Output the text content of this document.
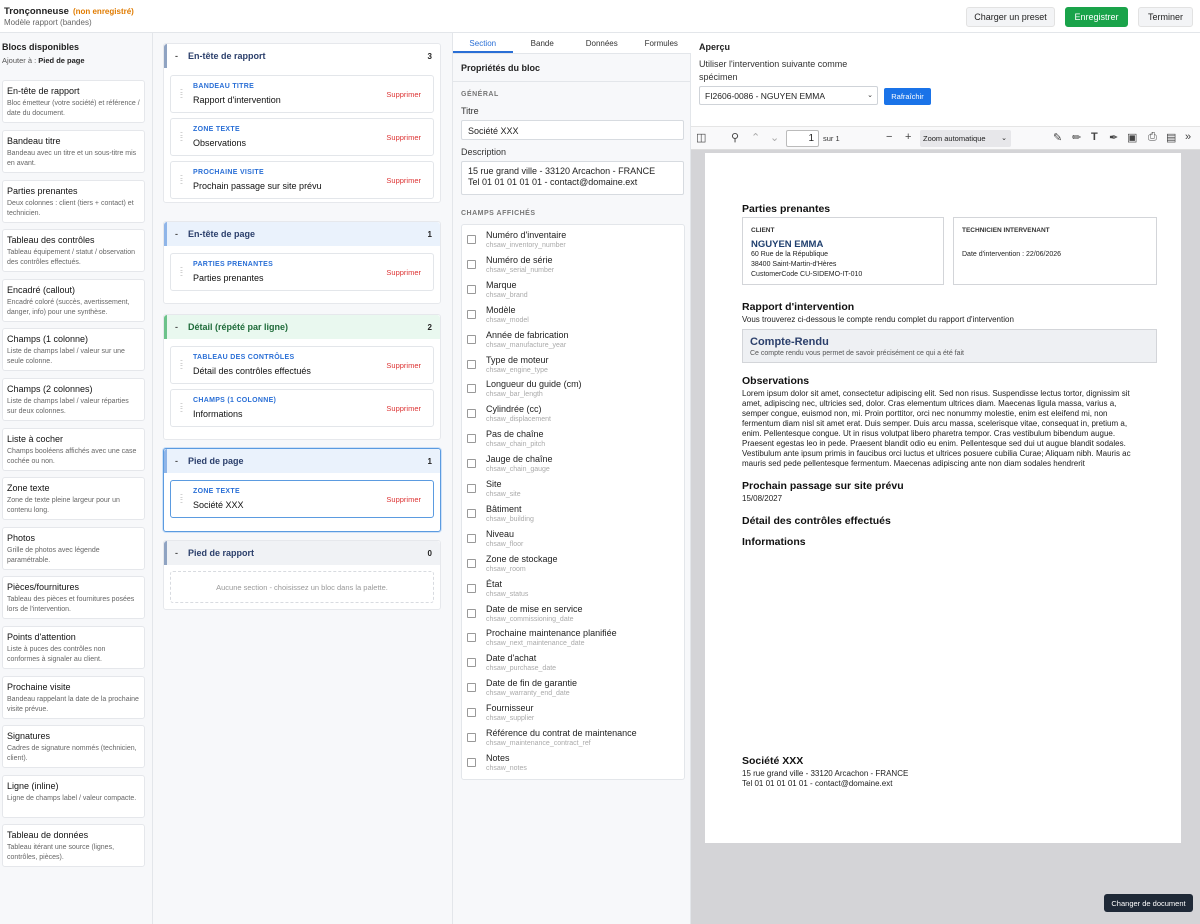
Tronçonneuse (non enregistré)
Modèle rapport (bandes)
Charger un preset	Enregistrer	Terminer
Blocs disponibles
Ajouter à : Pied de page
En-tête de rapport
Bloc émetteur (votre société) et référence / date du document.
Bandeau titre
Bandeau avec un titre et un sous-titre mis en avant.
Parties prenantes
Deux colonnes : client (tiers + contact) et technicien.
Tableau des contrôles
Tableau équipement / statut / observation des contrôles effectués.
Encadré (callout)
Encadré coloré (succès, avertissement, danger, info) pour une synthèse.
Champs (1 colonne)
Liste de champs label / valeur sur une seule colonne.
Champs (2 colonnes)
Liste de champs label / valeur réparties sur deux colonnes.
Liste à cocher
Champs booléens affichés avec une case cochée ou non.
Zone texte
Zone de texte pleine largeur pour un contenu long.
Photos
Grille de photos avec légende paramétrable.
Pièces/fournitures
Tableau des pièces et fournitures posées lors de l'intervention.
Points d'attention
Liste à puces des contrôles non conformes à signaler au client.
Prochaine visite
Bandeau rappelant la date de la prochaine visite prévue.
Signatures
Cadres de signature nommés (technicien, client).
Ligne (inline)
Ligne de champs label / valeur compacte.
Tableau de données
Tableau itérant une source (lignes, contrôles, pièces).
- En-tête de rapport	3
::
::
BANDEAU TITRE
Rapport d'intervention
Supprimer
::
::
ZONE TEXTE
Observations
Supprimer
::
::
PROCHAINE VISITE
Prochain passage sur site prévu
Supprimer
- En-tête de page	1
::
::
PARTIES PRENANTES
Parties prenantes
Supprimer
- Détail (répété par ligne)	2
::
::
TABLEAU DES CONTRÔLES
Détail des contrôles effectués
Supprimer
::
::
CHAMPS (1 COLONNE)
Informations
Supprimer
- Pied de page	1
::
::
ZONE TEXTE
Société XXX
Supprimer
- Pied de rapport	0
Aucune section - choisissez un bloc dans la palette.
Section	Bande	Données	Formules
Propriétés du bloc
GÉNÉRAL
Titre
Société XXX
Description
15 rue grand ville - 33120 Arcachon - FRANCE
Tel 01 01 01 01 01 - contact@domaine.ext
CHAMPS AFFICHÉS
Numéro d'inventaire
chsaw_inventory_number
Numéro de série
chsaw_serial_number
Marque
chsaw_brand
Modèle
chsaw_model
Année de fabrication
chsaw_manufacture_year
Type de moteur
chsaw_engine_type
Longueur du guide (cm)
chsaw_bar_length
Cylindrée (cc)
chsaw_displacement
Pas de chaîne
chsaw_chain_pitch
Jauge de chaîne
chsaw_chain_gauge
Site
chsaw_site
Bâtiment
chsaw_building
Niveau
chsaw_floor
Zone de stockage
chsaw_room
État
chsaw_status
Date de mise en service
chsaw_commissioning_date
Prochaine maintenance planifiée
chsaw_next_maintenance_date
Date d'achat
chsaw_purchase_date
Date de fin de garantie
chsaw_warranty_end_date
Fournisseur
chsaw_supplier
Référence du contrat de maintenance
chsaw_maintenance_contract_ref
Notes
chsaw_notes
Aperçu
Utiliser l'intervention suivante comme spécimen
FI2606-0086 - NGUYEN EMMA	⌄	Rafraîchir
◫ ⚲ ⌃ ⌄	1	sur 1	− +	Zoom automatique ⌄	✎ ✏ T ✒ ▣ ⎙ ▤ »
Parties prenantes
CLIENT
NGUYEN EMMA
60 Rue de la République
38400 Saint-Martin-d'Hères
CustomerCode CU-SIDEMO-IT-010
TECHNICIEN INTERVENANT
Date d'intervention : 22/06/2026
Rapport d'intervention
Vous trouverez ci-dessous le compte rendu complet du rapport d'intervention
Compte-Rendu
Ce compte rendu vous permet de savoir précisément ce qui a été fait
Observations
Lorem ipsum dolor sit amet, consectetur adipiscing elit. Sed non risus. Suspendisse lectus tortor, dignissim sit
amet, adipiscing nec, ultricies sed, dolor. Cras elementum ultrices diam. Maecenas ligula massa, varius a,
semper congue, euismod non, mi. Proin porttitor, orci nec nonummy molestie, enim est eleifend mi, non
fermentum diam nisl sit amet erat. Duis semper. Duis arcu massa, scelerisque vitae, consequat in, pretium a,
enim. Pellentesque congue. Ut in risus volutpat libero pharetra tempor. Cras vestibulum bibendum augue.
Praesent egestas leo in pede. Praesent blandit odio eu enim. Pellentesque sed dui ut augue blandit sodales.
Vestibulum ante ipsum primis in faucibus orci luctus et ultrices posuere cubilia Curae; Aliquam nibh. Mauris ac
mauris sed pede pellentesque fermentum. Maecenas adipiscing ante non diam sodales hendrerit
Prochain passage sur site prévu
15/08/2027
Détail des contrôles effectués
Informations
Société XXX
15 rue grand ville - 33120 Arcachon - FRANCE
Tel 01 01 01 01 01 - contact@domaine.ext
Changer de document
